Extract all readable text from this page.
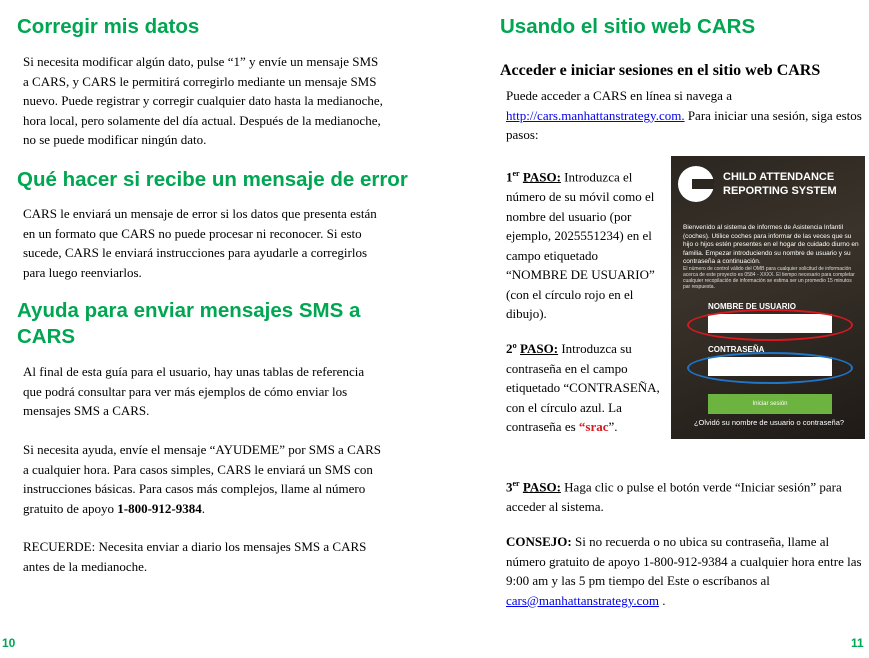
Corregir mis datos
Si necesita modificar algún dato, pulse “1” y envíe un mensaje SMS
a CARS, y CARS le permitirá corregirlo mediante un mensaje SMS
nuevo. Puede registrar y corregir cualquier dato hasta la medianoche,
hora local, pero solamente del día actual. Después de la medianoche,
no se puede modificar ningún dato.
Qué hacer si recibe un mensaje de error
CARS le enviará un mensaje de error si los datos que presenta están
en un formato que CARS no puede procesar ni reconocer. Si esto
sucede, CARS le enviará instrucciones para ayudarle a corregirlos
para luego reenviarlos.
Ayuda para enviar mensajes SMS a
CARS
Al final de esta guía para el usuario, hay unas tablas de referencia
que podrá consultar para ver más ejemplos de cómo enviar los
mensajes SMS a CARS.
Si necesita ayuda, envíe el mensaje “AYUDEME” por SMS a CARS
a cualquier hora. Para casos simples, CARS le enviará un SMS con
instrucciones básicas. Para casos más complejos, llame al número
gratuito de apoyo 1-800-912-9384.
RECUERDE: Necesita enviar a diario los mensajes SMS a CARS
antes de la medianoche.
10
Usando el sitio web CARS
Acceder e iniciar sesiones en el sitio web CARS
Puede acceder a CARS en línea si navega a
http://cars.manhattanstrategy.com. Para iniciar una sesión, siga estos
pasos:
1er PASO: Introduzca el
número de su móvil como el
nombre del usuario (por
ejemplo, 2025551234) en el
campo etiquetado
“NOMBRE DE USUARIO”
(con el círculo rojo en el
dibujo).
2º PASO: Introduzca su
contraseña en el campo
etiquetado “CONTRASEÑA,
con el círculo azul. La
contraseña es “srac”.
3er PASO: Haga clic o pulse el botón verde “Iniciar sesión” para
acceder al sistema.
CONSEJO: Si no recuerda o no ubica su contraseña, llame al
número gratuito de apoyo 1-800-912-9384 a cualquier hora entre las
9:00 am y las 5 pm tiempo del Este o escríbanos al
cars@manhattanstrategy.com .
11
CHILD ATTENDANCE
REPORTING SYSTEM
Bienvenido al sistema de informes de Asistencia Infantil (coches). Utilice coches para informar de las veces que su hijo o hijos estén presentes en el hogar de cuidado diurno en familia. Empezar introduciendo su nombre de usuario y su contraseña a continuación.
El número de control válido del OMB para cualquier solicitud de información acerca de este proyecto es 0584 - XXXX. El tiempo necesario para completar cualquier recopilación de información se estima ser un promedio 15 minutos par respuesta.
NOMBRE DE USUARIO
CONTRASEÑA
Iniciar sesión
¿Olvidó su nombre de usuario o contraseña?
